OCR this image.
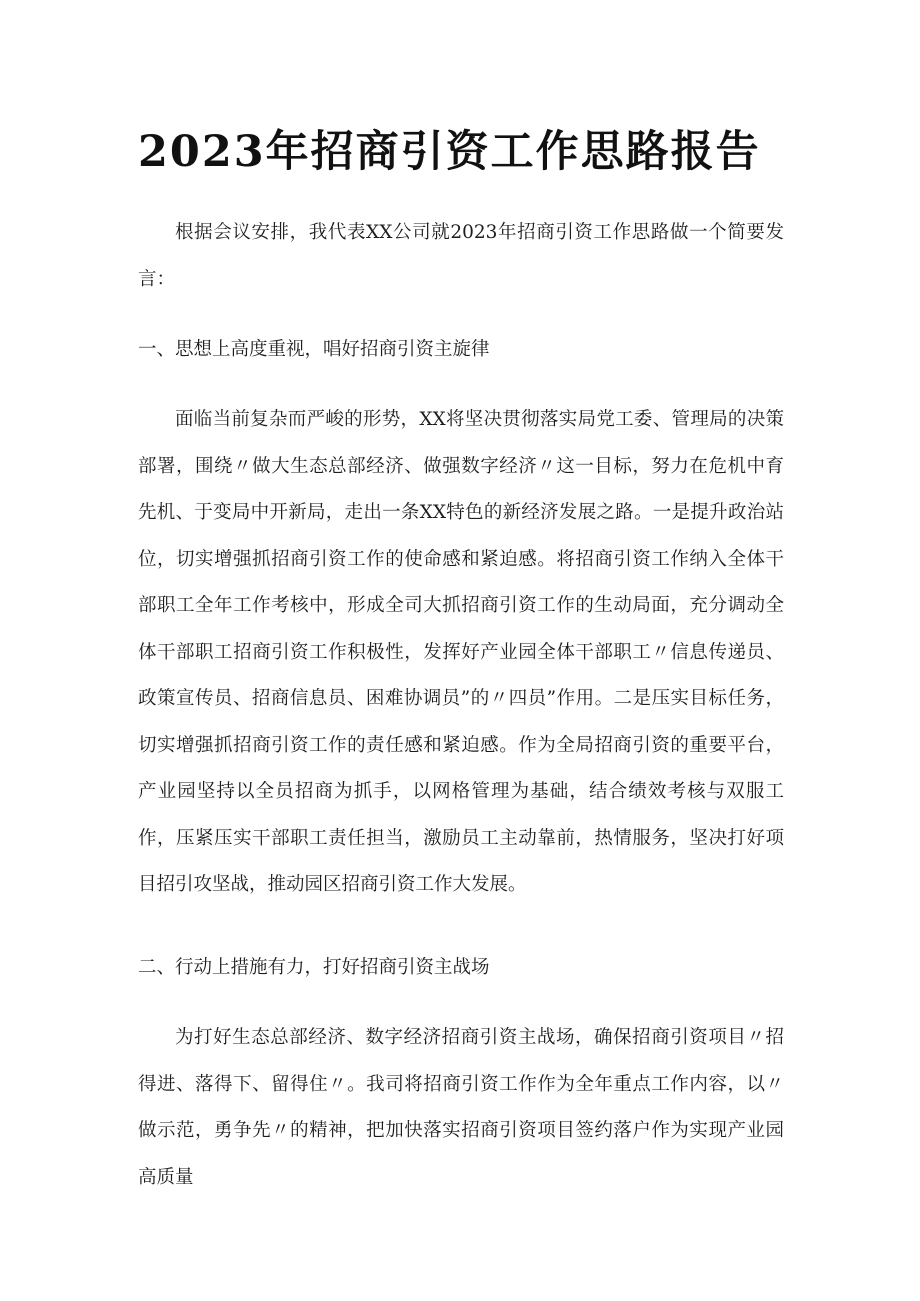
2023年招商引资工作思路报告

根据会议安排，我代表XX公司就2023年招商引资工作思路做一个简要发言：

一、思想上高度重视，唱好招商引资主旋律

面临当前复杂而严峻的形势，XX将坚决贯彻落实局党工委、管理局的决策部署，围绕〃做大生态总部经济、做强数字经济〃这一目标，努力在危机中育先机、于变局中开新局，走出一条XX特色的新经济发展之路。一是提升政治站位，切实增强抓招商引资工作的使命感和紧迫感。将招商引资工作纳入全体干部职工全年工作考核中，形成全司大抓招商引资工作的生动局面，充分调动全体干部职工招商引资工作积极性，发挥好产业园全体干部职工〃信息传递员、政策宣传员、招商信息员、困难协调员”的〃四员”作用。二是压实目标任务，切实增强抓招商引资工作的责任感和紧迫感。作为全局招商引资的重要平台，产业园坚持以全员招商为抓手，以网格管理为基础，结合绩效考核与双服工作，压紧压实干部职工责任担当，激励员工主动靠前，热情服务，坚决打好项目招引攻坚战，推动园区招商引资工作大发展。

二、行动上措施有力，打好招商引资主战场

为打好生态总部经济、数字经济招商引资主战场，确保招商引资项目〃招得进、落得下、留得住〃。我司将招商引资工作作为全年重点工作内容，以〃做示范，勇争先〃的精神，把加快落实招商引资项目签约落户作为实现产业园高质量
